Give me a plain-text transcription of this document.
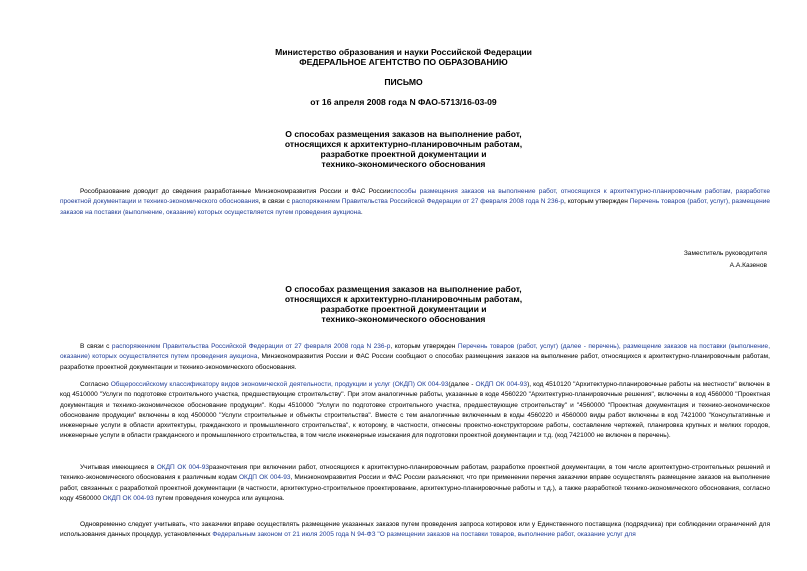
Министерство образования и науки Российской Федерации
ФЕДЕРАЛЬНОЕ АГЕНТСТВО ПО ОБРАЗОВАНИЮ
ПИСЬМО
от 16 апреля 2008 года N ФАО-5713/16-03-09
О способах размещения заказов на выполнение работ,
относящихся к архитектурно-планировочным работам,
разработке проектной документации и
технико-экономического обоснования
Рособразование доводит до сведения разработанные Минэкономразвития России и ФАС Россииспособы размещения заказов на выполнение работ, относящихся к архитектурно-планировочным работам, разработке проектной документации и технико-экономического обоснования, в связи с распоряжением Правительства Российской Федерации от 27 февраля 2008 года N 236-р, которым утвержден Перечень товаров (работ, услуг), размещение заказов на поставки (выполнение, оказание) которых осуществляется путем проведения аукциона.
Заместитель руководителя
А.А.Казенов
О способах размещения заказов на выполнение работ,
относящихся к архитектурно-планировочным работам,
разработке проектной документации и
технико-экономического обоснования
В связи с распоряжением Правительства Российской Федерации от 27 февраля 2008 года N 236-р, которым утвержден Перечень товаров (работ, услуг) (далее - перечень), размещение заказов на поставки (выполнение, оказание) которых осуществляется путем проведения аукциона, Минэкономразвития России и ФАС России сообщают о способах размещения заказов на выполнение работ, относящихся к архитектурно-планировочным работам, разработке проектной документации и технико-экономического обоснования.
Согласно Общероссийскому классификатору видов экономической деятельности, продукции и услуг (ОКДП) ОК 004-93(далее - ОКДП ОК 004-93), код 4510120 "Архитектурно-планировочные работы на местности" включен в код 4510000 "Услуги по подготовке строительного участка, предшествующие строительству". При этом аналогичные работы, указанные в коде 4560220 "Архитектурно-планировочные решения", включены в код 4560000 "Проектная документация и технико-экономическое обоснование продукции". Коды 4510000 "Услуги по подготовке строительного участка, предшествующие строительству" и "4560000 "Проектная документация и технико-экономическое обоснование продукции" включены в код 4500000 "Услуги строительные и объекты строительства". Вместе с тем аналогичные включенным в коды 4560220 и 4560000 виды работ включены в код 7421000 "Консультативные и инженерные услуги в области архитектуры, гражданского и промышленного строительства", к которому, в частности, отнесены проектно-конструкторские работы, составление чертежей, планировка крупных и мелких городов, инженерные услуги в области гражданского и промышленного строительства, в том числе инженерные изыскания для подготовки проектной документации и т.д. (код 7421000 не включен в перечень).
Учитывая имеющиеся в ОКДП ОК 004-93разночтения при включении работ, относящихся к архитектурно-планировочным работам, разработке проектной документации, в том числе архитектурно-строительных решений и технико-экономического обоснования к различным кодам ОКДП ОК 004-93, Минэкономразвития России и ФАС России разъясняют, что при применении перечня заказчики вправе осуществлять размещение заказов на выполнение работ, связанных с разработкой проектной документации (в частности, архитектурно-строительное проектирование, архитектурно-планировочные работы и т.д.), а также разработкой технико-экономического обоснования, согласно коду 4560000 ОКДП ОК 004-93 путем проведения конкурса или аукциона.
Одновременно следует учитывать, что заказчики вправе осуществлять размещение указанных заказов путем проведения запроса котировок или у Единственного поставщика (подрядчика) при соблюдении ограничений для использования данных процедур, установленных Федеральным законом от 21 июля 2005 года N 94-ФЗ "О размещении заказов на поставки товаров, выполнение работ, оказание услуг для
